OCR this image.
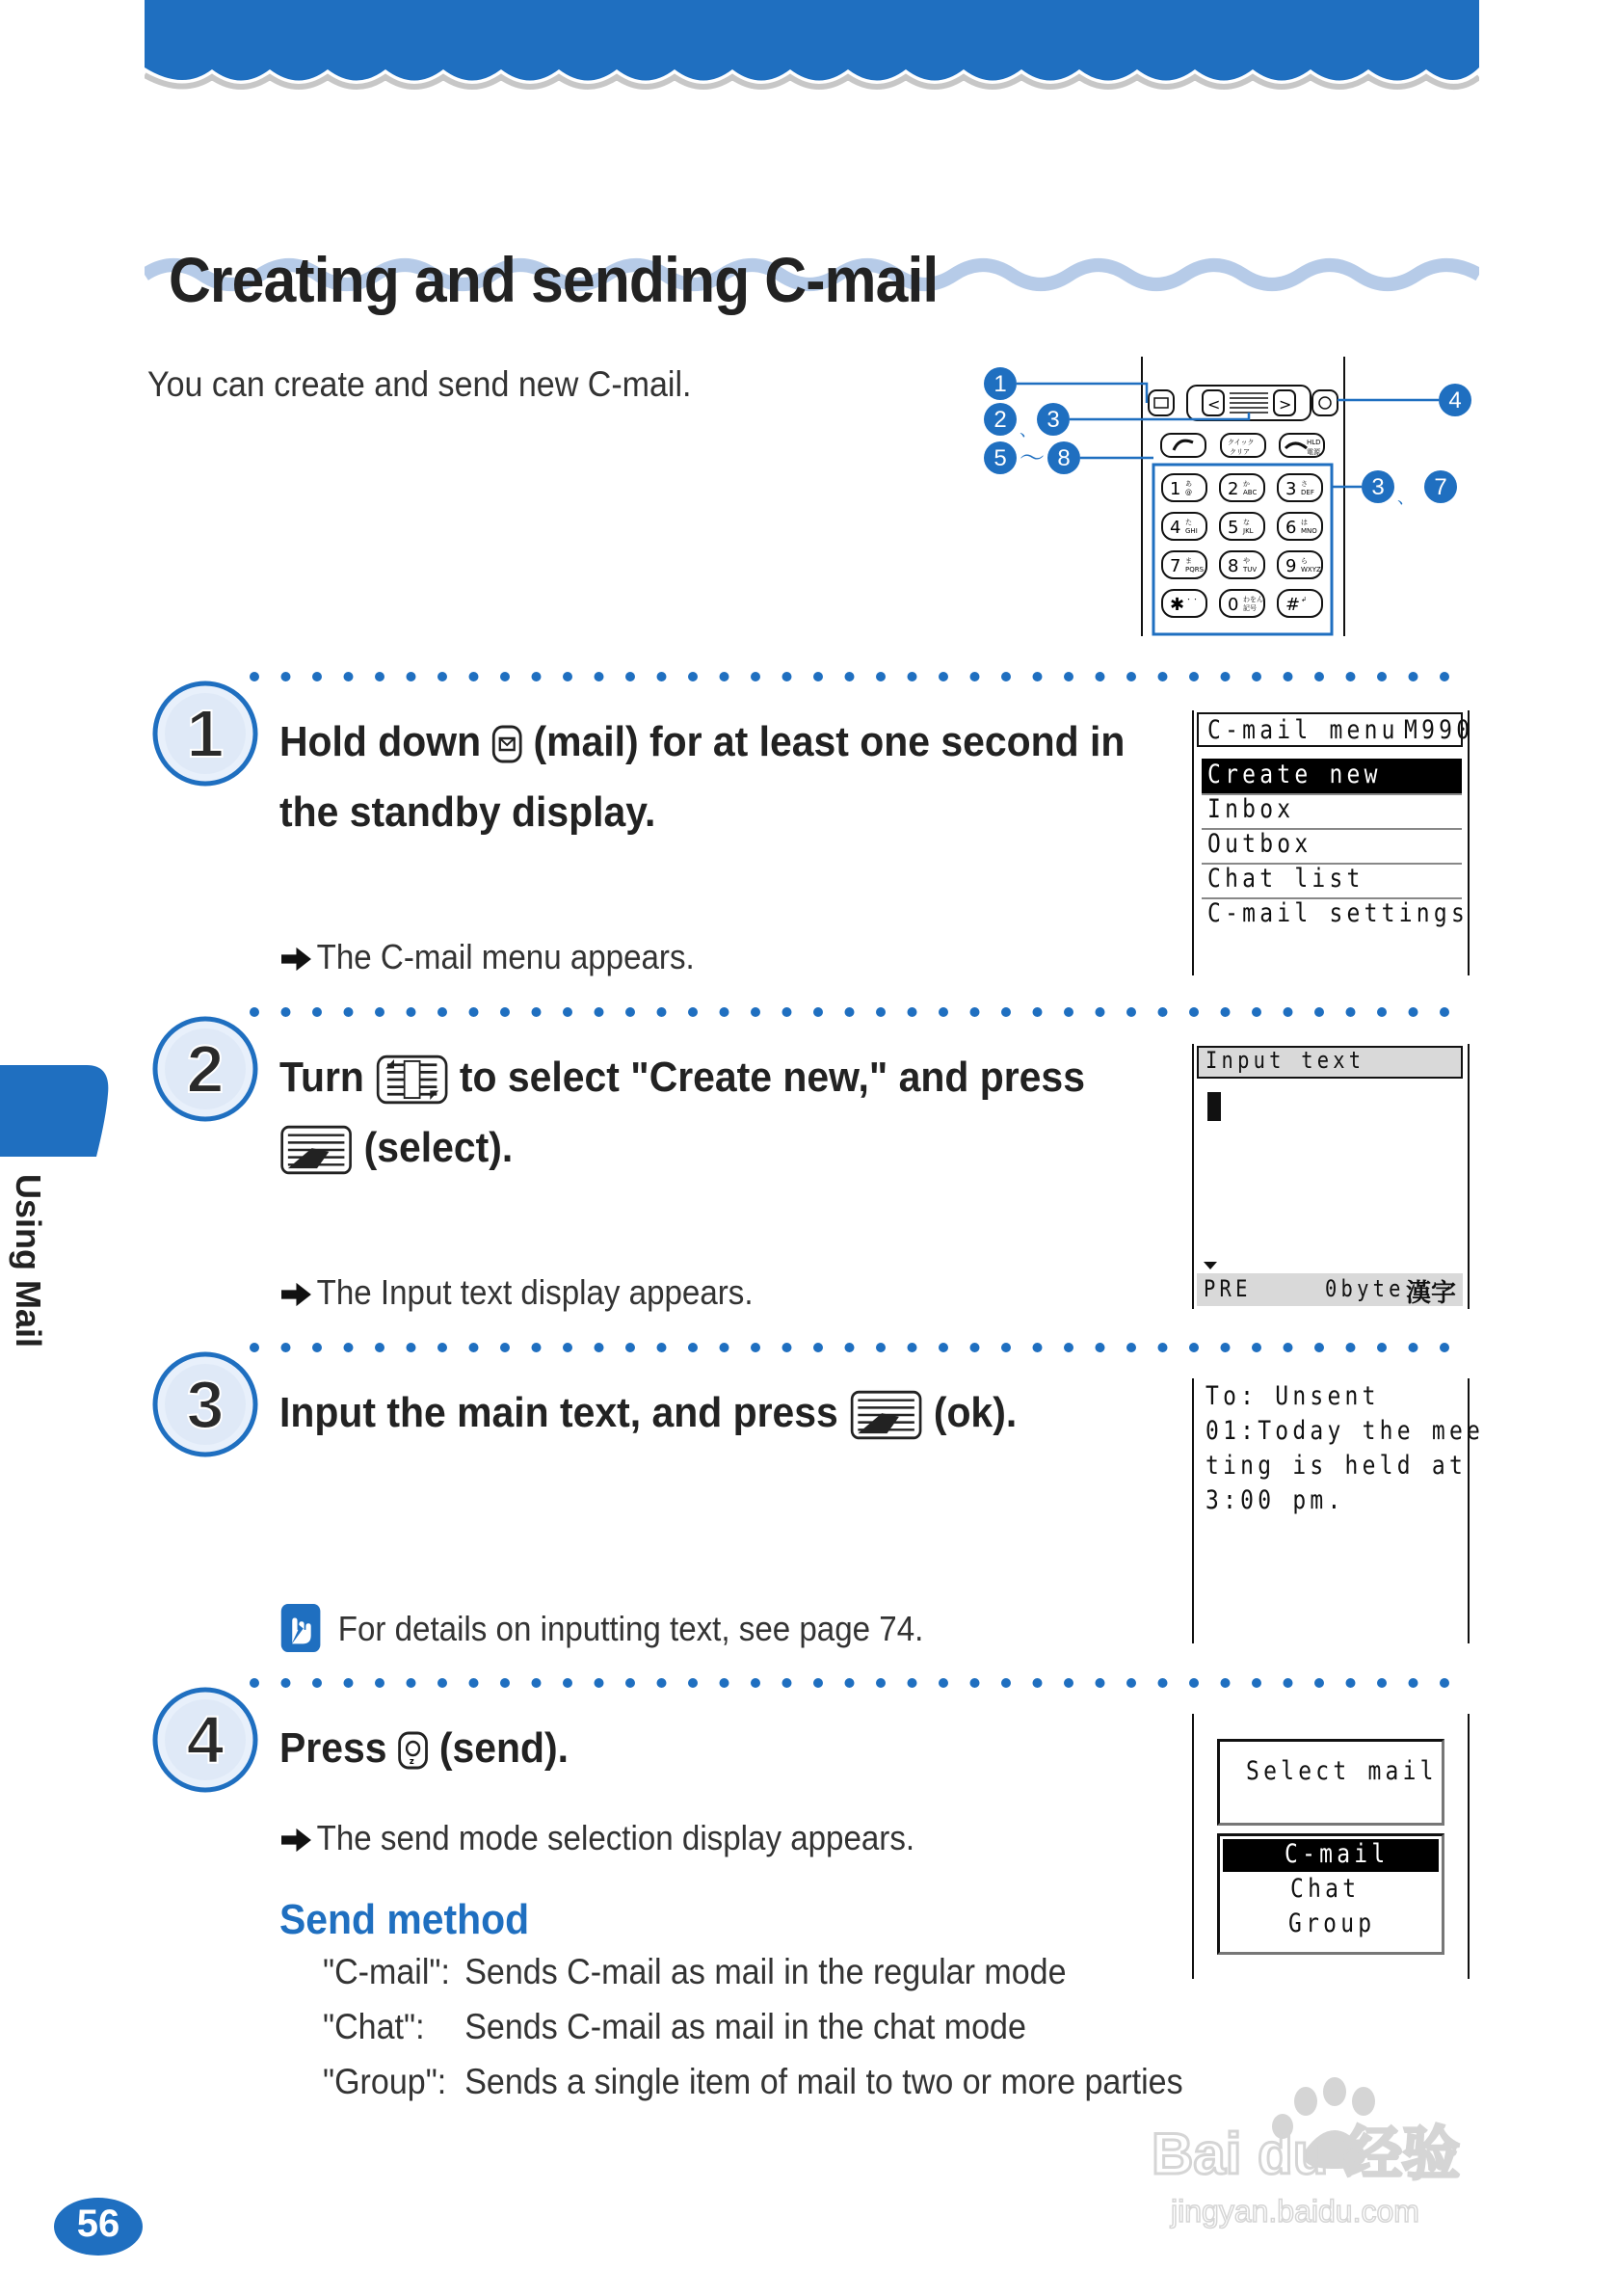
Creating and sending C-mail
You can create and send new C-mail.
<	>
クイック
クリア
HLD
電源
1 あ
@ 2 か
ABC 3 さ
DEF
4 た
GHI 5 な
JKL 6 は
MNO
7 ま
PQRS 8 や
TUV 9 ら
WXYZ
✱ ・・ 0 わをん
記号 # ↲
1
2 、 3
4
5 〜 8
3 、 7
Using Mail
1 Hold down (mail) for at least one second in
the standby display.
The C-mail menu appears.
C-mail menu M990
Create new
Inbox
Outbox
Chat list
C-mail settings
2 Turn to select "Create new," and press
(select).
The Input text display appears.
Input text
PRE	0byte 漢字
3 Input the main text, and press (ok).
For details on inputting text, see page 74.
To: Unsent
01:Today the mee
ting is held at
3:00 pm.
4 Press (send).
The send mode selection display appears.
Select mail
C-mail
Chat
Group
Send method
"C-mail": Sends C-mail as mail in the regular mode
"Chat": Sends C-mail as mail in the chat mode
"Group": Sends a single item of mail to two or more parties
56
Bai du 经验
jingyan.baidu.com
